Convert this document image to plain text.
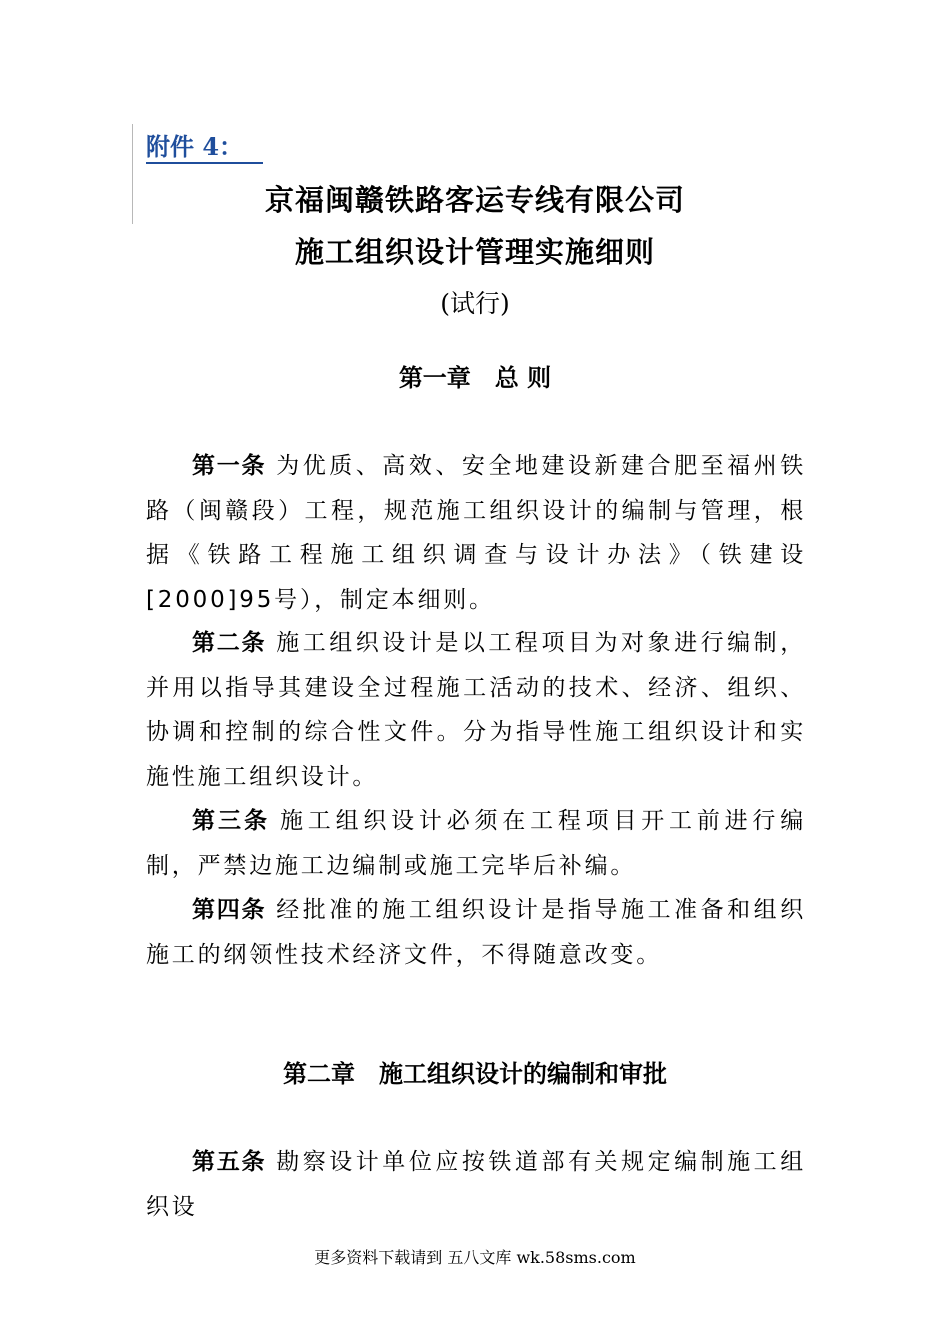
附件 4：
京福闽赣铁路客运专线有限公司
施工组织设计管理实施细则
(试行)
第一章　总 则

第一条 为优质、高效、安全地建设新建合肥至福州铁路（闽赣段）工程，规范施工组织设计的编制与管理，根据《铁路工程施工组织调查与设计办法》（铁建设[2000]95号），制定本细则。

第二条 施工组织设计是以工程项目为对象进行编制，并用以指导其建设全过程施工活动的技术、经济、组织、协调和控制的综合性文件。分为指导性施工组织设计和实施性施工组织设计。

第三条 施工组织设计必须在工程项目开工前进行编制，严禁边施工边编制或施工完毕后补编。

第四条 经批准的施工组织设计是指导施工准备和组织施工的纲领性技术经济文件，不得随意改变。

第二章　施工组织设计的编制和审批

第五条 勘察设计单位应按铁道部有关规定编制施工组织设

更多资料下载请到 五八文库 wk.58sms.com
